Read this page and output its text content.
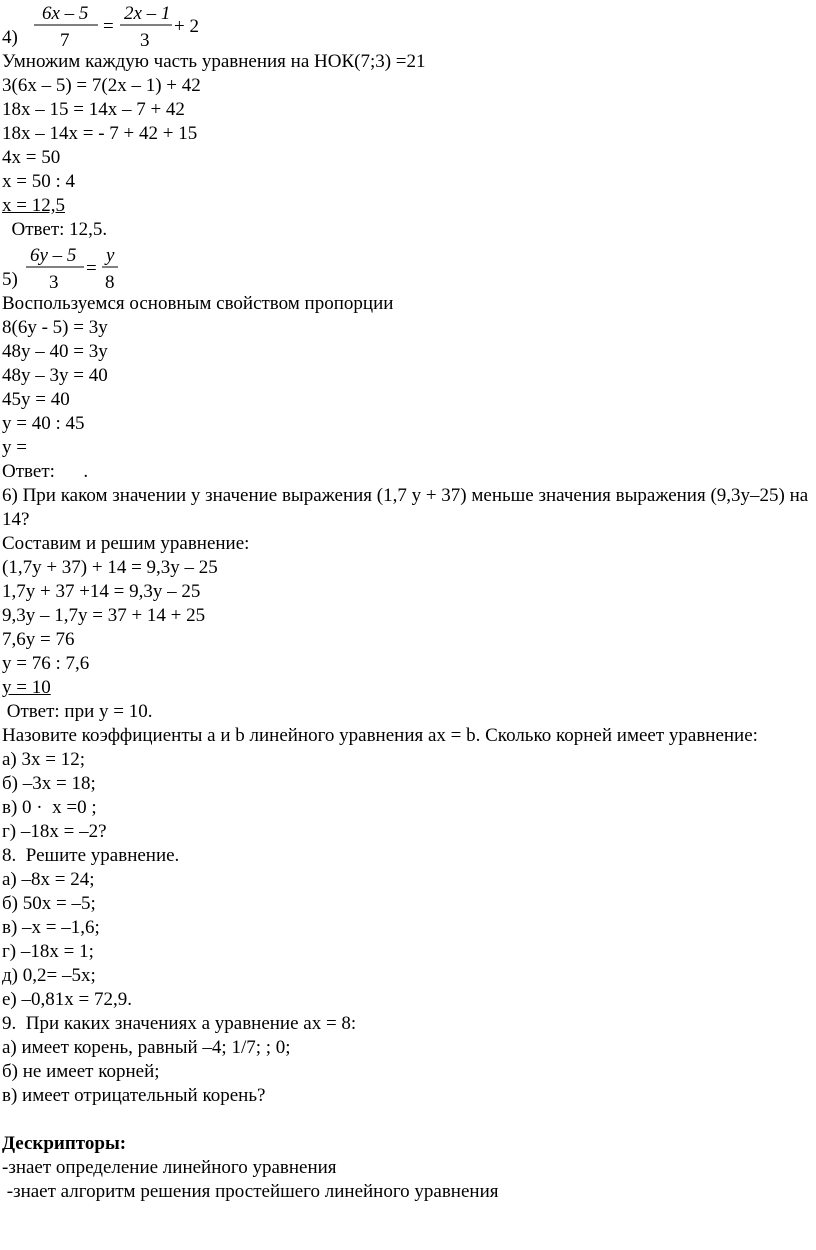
6x – 5
7
=
2x – 1
3
+ 2
4)
Умножим каждую часть уравнения на НОК(7;3) =21
3(6х – 5) = 7(2х – 1) + 42
18х – 15 = 14х – 7 + 42
18х – 14х = - 7 + 42 + 15
4х = 50
х = 50 : 4
х = 12,5
Ответ: 12,5.
6y – 5
3
=
y
8
5)
Воспользуемся основным свойством пропорции
8(6у - 5) = 3у
48у – 40 = 3у
48у – 3у = 40
45у = 40
у = 40 : 45
у =
Ответ:      .
6) При каком значении у значение выражения (1,7 у + 37) меньше значения выражения (9,3у–25) на 14?
Составим и решим уравнение:
(1,7у + 37) + 14 = 9,3у – 25
1,7у + 37 +14 = 9,3у – 25
9,3у – 1,7у = 37 + 14 + 25
7,6у = 76
у = 76 : 7,6
у = 10
Ответ: при у = 10.
Назовите коэффициенты a и b линейного уравнения ах = b. Сколько корней имеет уравнение:
а) 3х = 12;
б) –3х = 18;
в) 0 ·  х =0 ;
г) –18х = –2?
8.  Решите уравнение.
а) –8х = 24;
б) 50х = –5;
в) –х = –1,6;
г) –18х = 1;
д) 0,2= –5х;
е) –0,81х = 72,9.
9.  При каких значениях а уравнение ах = 8:
а) имеет корень, равный –4; 1/7; ; 0;
б) не имеет корней;
в) имеет отрицательный корень?
Дескрипторы:
-знает определение линейного уравнения
-знает алгоритм решения простейшего линейного уравнения
